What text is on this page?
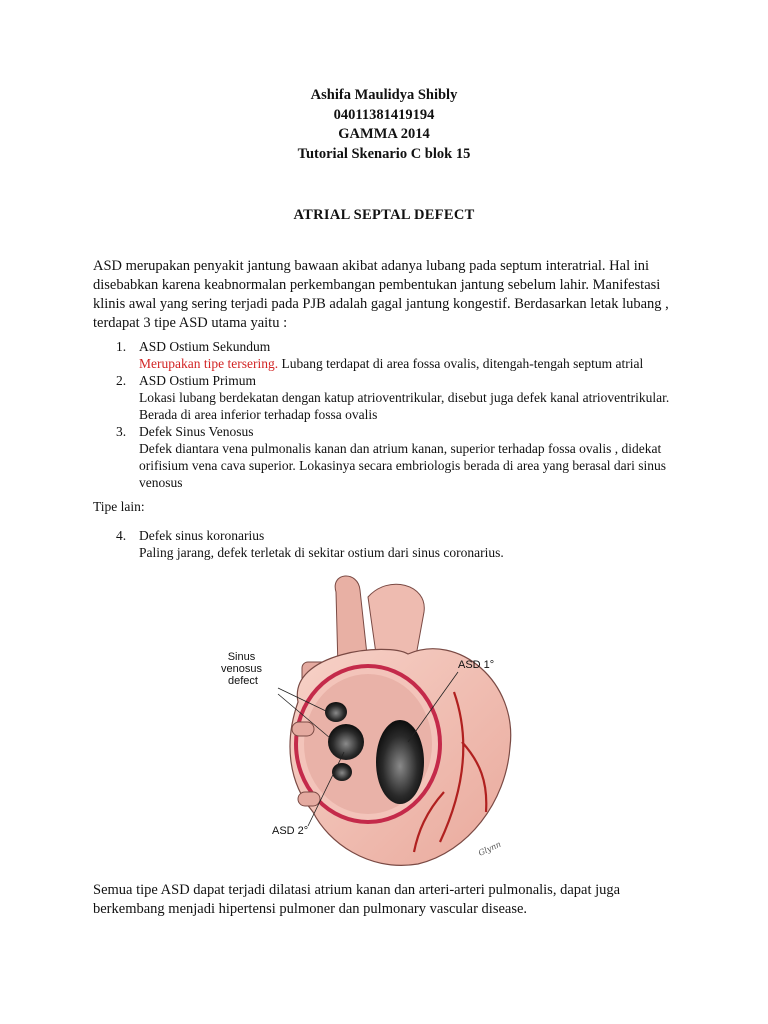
Ashifa Maulidya Shibly
04011381419194
GAMMA 2014
Tutorial Skenario C blok 15
ATRIAL SEPTAL DEFECT
ASD merupakan penyakit jantung bawaan akibat adanya lubang pada septum interatrial. Hal ini disebabkan karena keabnormalan perkembangan pembentukan jantung sebelum lahir. Manifestasi klinis awal yang sering terjadi pada PJB adalah gagal jantung kongestif. Berdasarkan letak lubang , terdapat 3 tipe ASD utama yaitu :
1. ASD Ostium Sekundum
Merupakan tipe tersering. Lubang terdapat di area fossa ovalis, ditengah-tengah septum atrial
2. ASD Ostium Primum
Lokasi lubang berdekatan dengan katup atrioventrikular, disebut juga defek kanal atrioventrikular. Berada di area inferior terhadap fossa ovalis
3. Defek Sinus Venosus
Defek diantara vena pulmonalis kanan dan atrium kanan, superior terhadap fossa ovalis , didekat orifisium vena cava superior. Lokasinya secara embriologis berada di area yang berasal dari sinus venosus
Tipe lain:
4. Defek sinus koronarius
Paling jarang, defek terletak di sekitar ostium dari sinus coronarius.
Sinus venosus defect
ASD 1°
ASD 2°
Glynn
Semua tipe ASD dapat terjadi dilatasi atrium kanan dan arteri-arteri pulmonalis, dapat juga berkembang menjadi hipertensi pulmoner dan pulmonary vascular disease.
